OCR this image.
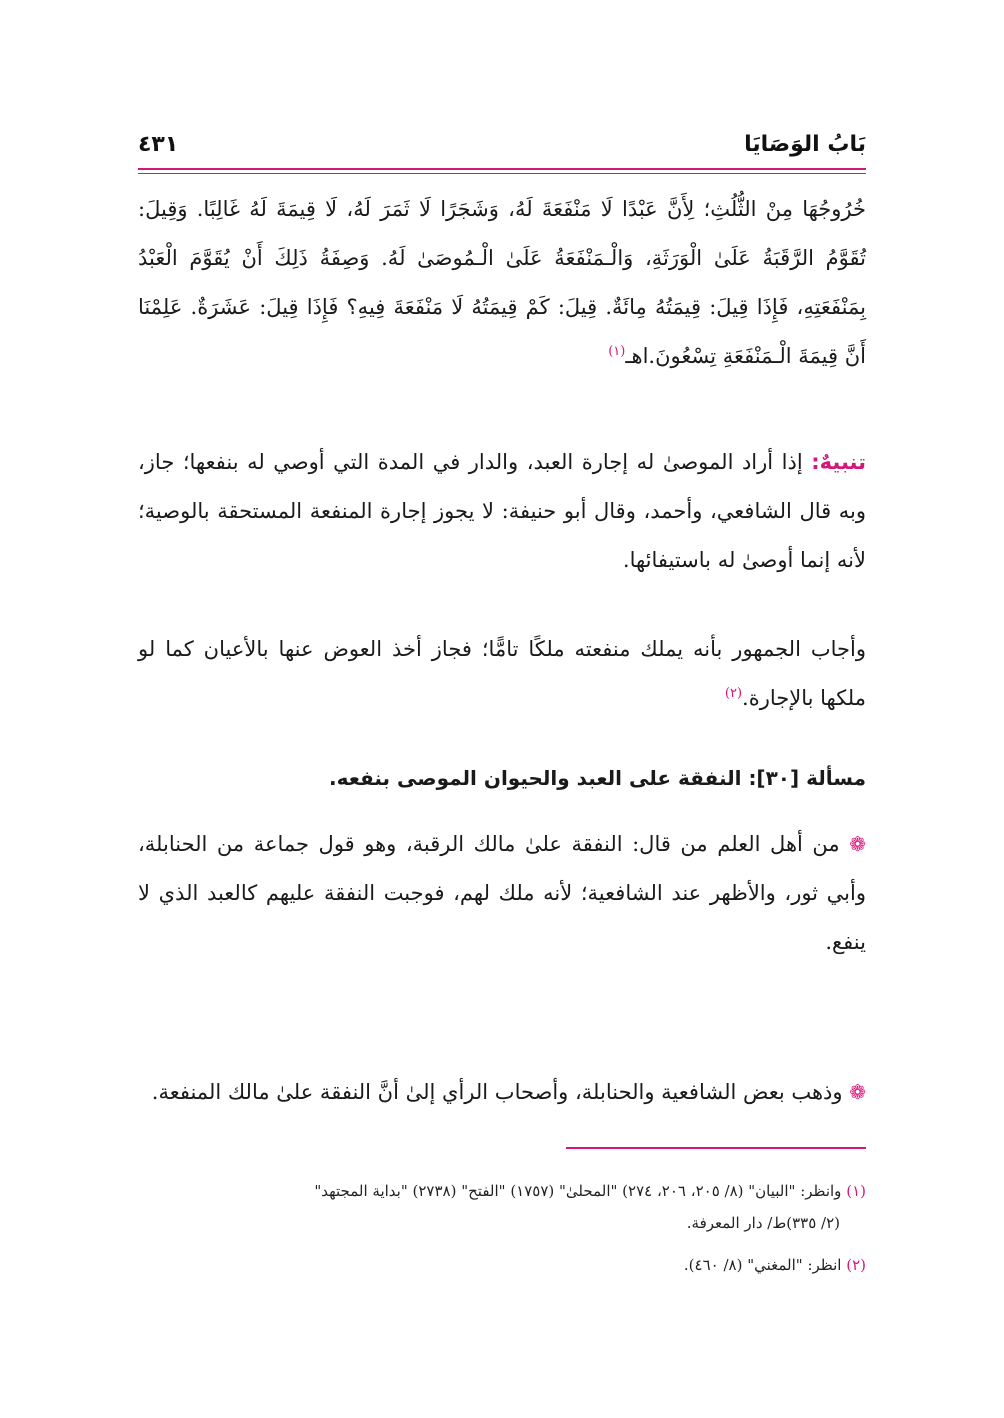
بَابُ الوَصَايَا
٤٣١
خُرُوجُهَا مِنْ الثُّلُثِ؛ لِأَنَّ عَبْدًا لَا مَنْفَعَةَ لَهُ، وَشَجَرًا لَا ثَمَرَ لَهُ، لَا قِيمَةَ لَهُ غَالِبًا. وَقِيلَ: تُقَوَّمُ الرَّقَبَةُ عَلَىٰ الْوَرَثَةِ، وَالْـمَنْفَعَةُ عَلَىٰ الْـمُوصَىٰ لَهُ. وَصِفَةُ ذَلِكَ أَنْ يُقَوَّمَ الْعَبْدُ بِمَنْفَعَتِهِ، فَإِذَا قِيلَ: قِيمَتُهُ مِائَةٌ. قِيلَ: كَمْ قِيمَتُهُ لَا مَنْفَعَةَ فِيهِ؟ فَإِذَا قِيلَ: عَشَرَةٌ. عَلِمْنَا أَنَّ قِيمَةَ الْـمَنْفَعَةِ تِسْعُونَ.اهـ$^{(١)}$
تنبيهٌ: إذا أراد الموصىٰ له إجارة العبد، والدار في المدة التي أوصي له بنفعها؛ جاز، وبه قال الشافعي، وأحمد، وقال أبو حنيفة: لا يجوز إجارة المنفعة المستحقة بالوصية؛ لأنه إنما أوصىٰ له باستيفائها.
وأجاب الجمهور بأنه يملك منفعته ملكًا تامًّا؛ فجاز أخذ العوض عنها بالأعيان كما لو ملكها بالإجارة.$^{(٢)}$
مسألة [٣٠]: النفقة على العبد والحيوان الموصى بنفعه.
❁ من أهل العلم من قال: النفقة علىٰ مالك الرقبة، وهو قول جماعة من الحنابلة، وأبي ثور، والأظهر عند الشافعية؛ لأنه ملك لهم، فوجبت النفقة عليهم كالعبد الذي لا ينفع.
❁ وذهب بعض الشافعية والحنابلة، وأصحاب الرأي إلىٰ أنَّ النفقة علىٰ مالك المنفعة.
(١) وانظر: "البيان" (٨/ ٢٠٥، ٢٠٦، ٢٧٤) "المحلىٰ" (١٧٥٧) "الفتح" (٢٧٣٨) "بداية المجتهد"
(٢/ ٣٣٥)ط/ دار المعرفة.
(٢) انظر: "المغني" (٨/ ٤٦٠).
